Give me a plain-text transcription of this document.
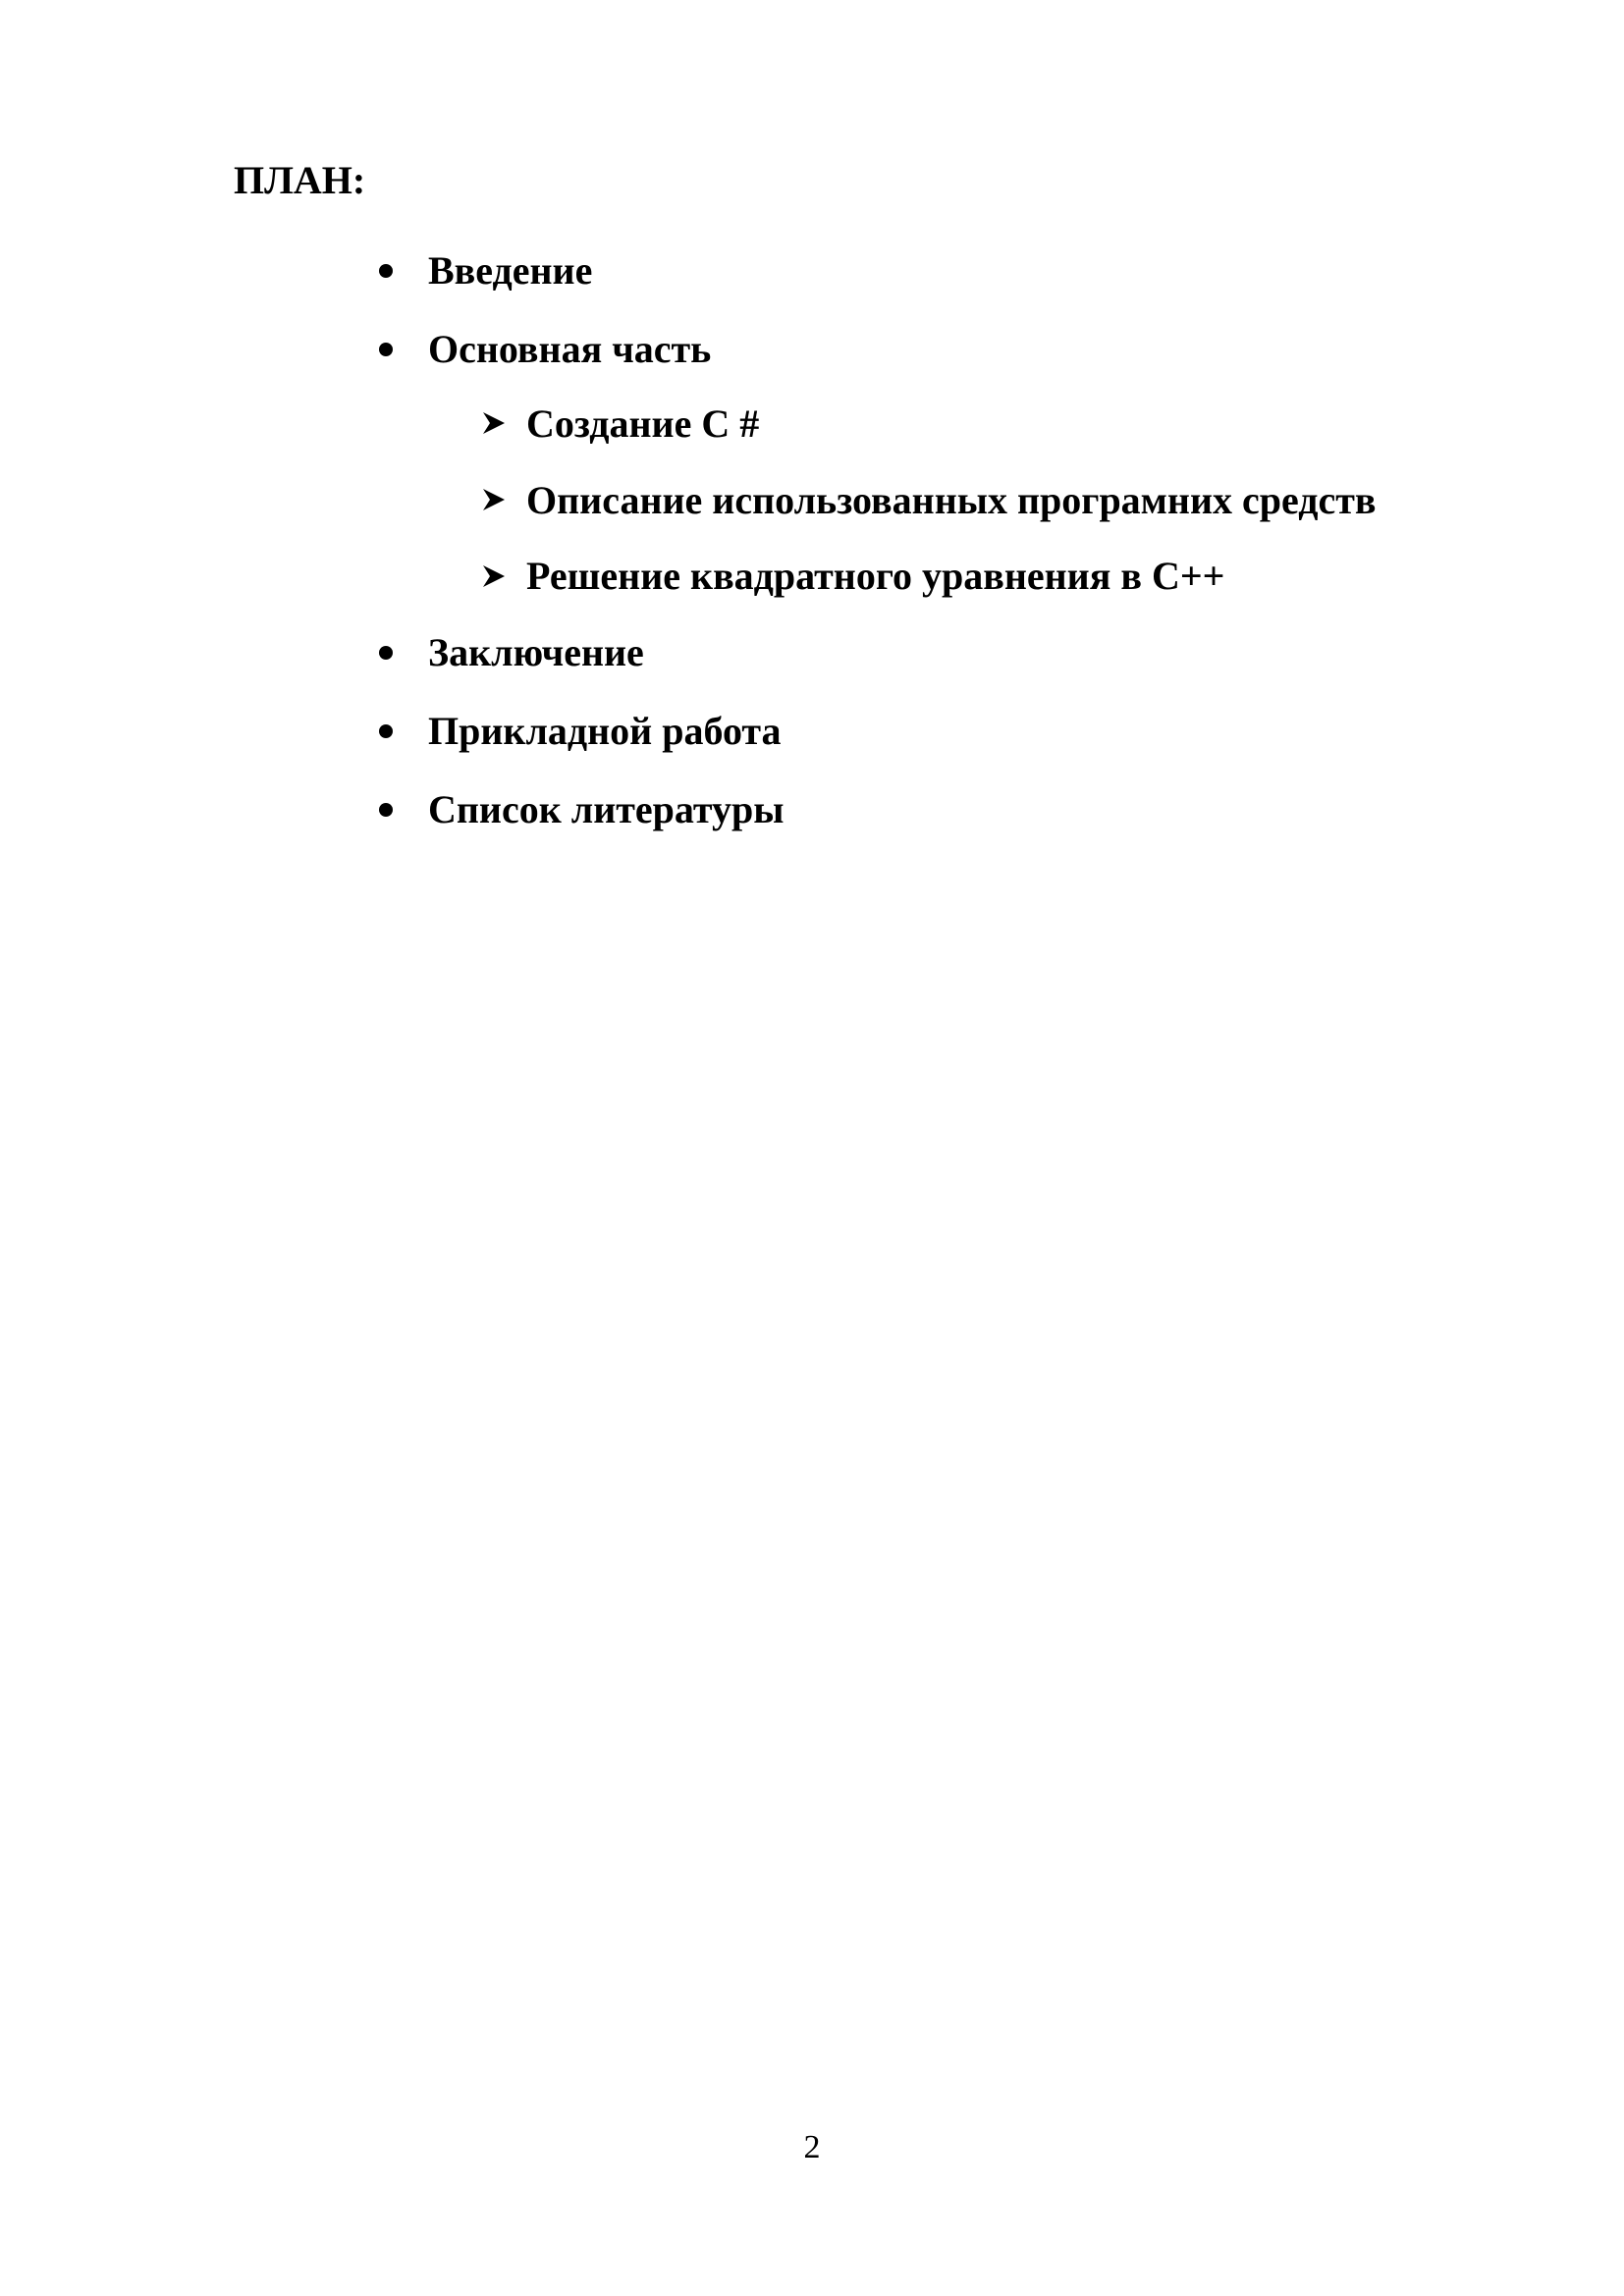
ПЛАН:
Введение
Основная часть
Создание С #
Описание использованных програмних средств
Решение квадратного уравнения в С++
Заключение
Прикладной работа
Список литературы
2
